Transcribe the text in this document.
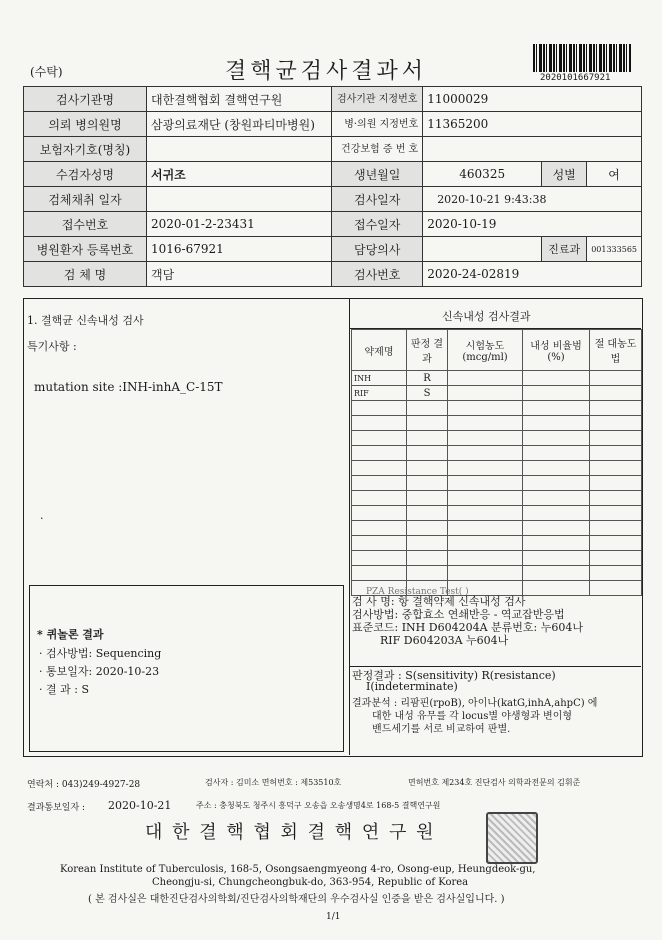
(수탁)	결핵균검사결과서	2020101667921
검사기관명	대한결핵협회 결핵연구원	검사기관 지정번호	11000029		
의뢰 병의원명	삼광의료재단 (창원파티마병원)	병·의원 지정번호	11365200		
보험자기호(명칭)		건강보험 증 번 호			
수검자성명	서귀조	생년월일	460325	성별	여
검체채취 일자		검사일자	2020-10-21 9:43:38		
접수번호	2020-01-2-23431	접수일자	2020-10-19		
병원환자 등록번호	1016-67921	담당의사		진료과	001333565
검 체 명	객담	검사번호	2020-24-02819		
1. 결핵균 신속내성 검사
특기사항 :
mutation site :INH-inhA_C-15T
·
* 퀴놀론 결과
· 검사방법: Sequencing
· 통보일자: 2020-10-23
· 결 과 : S
신속내성 검사결과
약제명	판정 결과	시험농도 (mcg/ml)	내성 비율범(%)	절 대농도 법
INH	R			
RIF	S			

PZA Resistance Test( )
검 사 명: 항 결핵약제 신속내성 검사
검사방법: 중합효소 연쇄반응 - 역교잡반응법
표준코드: INH D604204A 분류번호: 누604나
RIF D604203A 누604나
판정결과 : S(sensitivity) R(resistance)
I(indeterminate)
결과분석 : 리팜핀(rpoB), 아이나(katG,inhA,ahpC) 에
대한 내성 유무를 각 locus별 야생형과 변이형
밴드세기를 서로 비교하여 판별.
연락처 : 043)249-4927-28	검사자 : 김미소 면허번호 : 제53510호	면허번호 제234호 진단검사 의학과전문의 김휘준
결과통보일자 : 2020-10-21	주소 : 충청북도 청주시 흥덕구 오송읍 오송생명4로 168-5 결핵연구원
대 한 결 핵 협 회 결 핵 연 구 원
Korean Institute of Tuberculosis, 168-5, Osongsaengmyeong 4-ro, Osong-eup, Heungdeok-gu,
Cheongju-si, Chungcheongbuk-do, 363-954, Republic of Korea
( 본 검사실은 대한진단검사의학회/진단검사의학재단의 우수검사실 인증을 받은 검사실입니다. )
1/1
